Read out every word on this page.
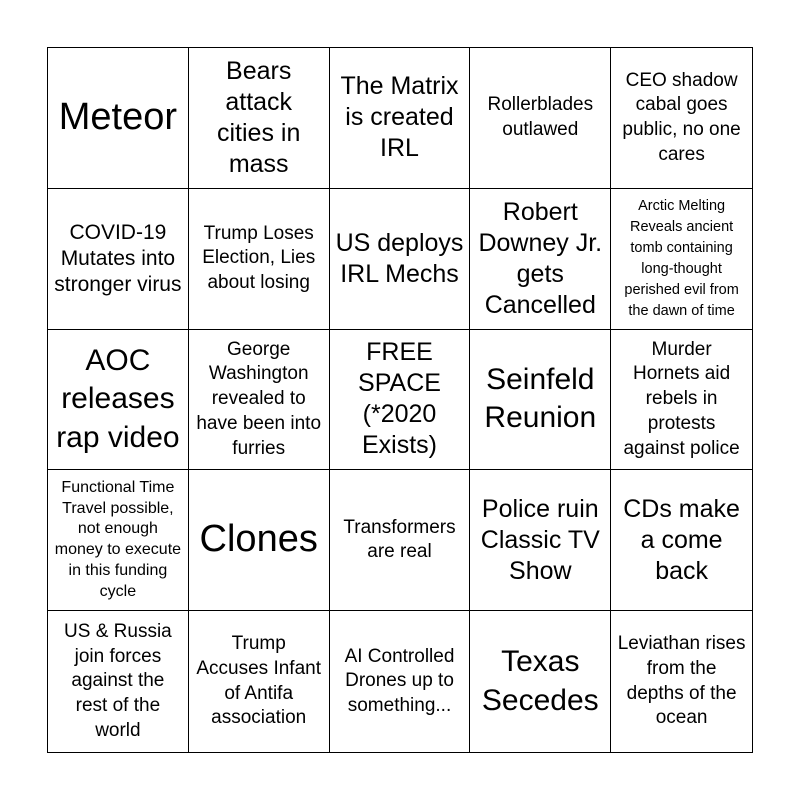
Meteor
Bears attack cities in mass
The Matrix is created IRL
Rollerblades outlawed
CEO shadow cabal goes public, no one cares
COVID-19 Mutates into stronger virus
Trump Loses Election, Lies about losing
US deploys IRL Mechs
Robert Downey Jr. gets Cancelled
Arctic Melting Reveals ancient tomb containing long-thought perished evil from the dawn of time
AOC releases rap video
George Washington revealed to have been into furries
FREE SPACE (*2020 Exists)
Seinfeld Reunion
Murder Hornets aid rebels in protests against police
Functional Time Travel possible, not enough money to execute in this funding cycle
Clones	Transformers are real
Police ruin Classic TV Show
CDs make a come back
US & Russia join forces against the rest of the world
Trump Accuses Infant of Antifa association
AI Controlled Drones up to something...
Texas Secedes
Leviathan rises from the depths of the ocean
